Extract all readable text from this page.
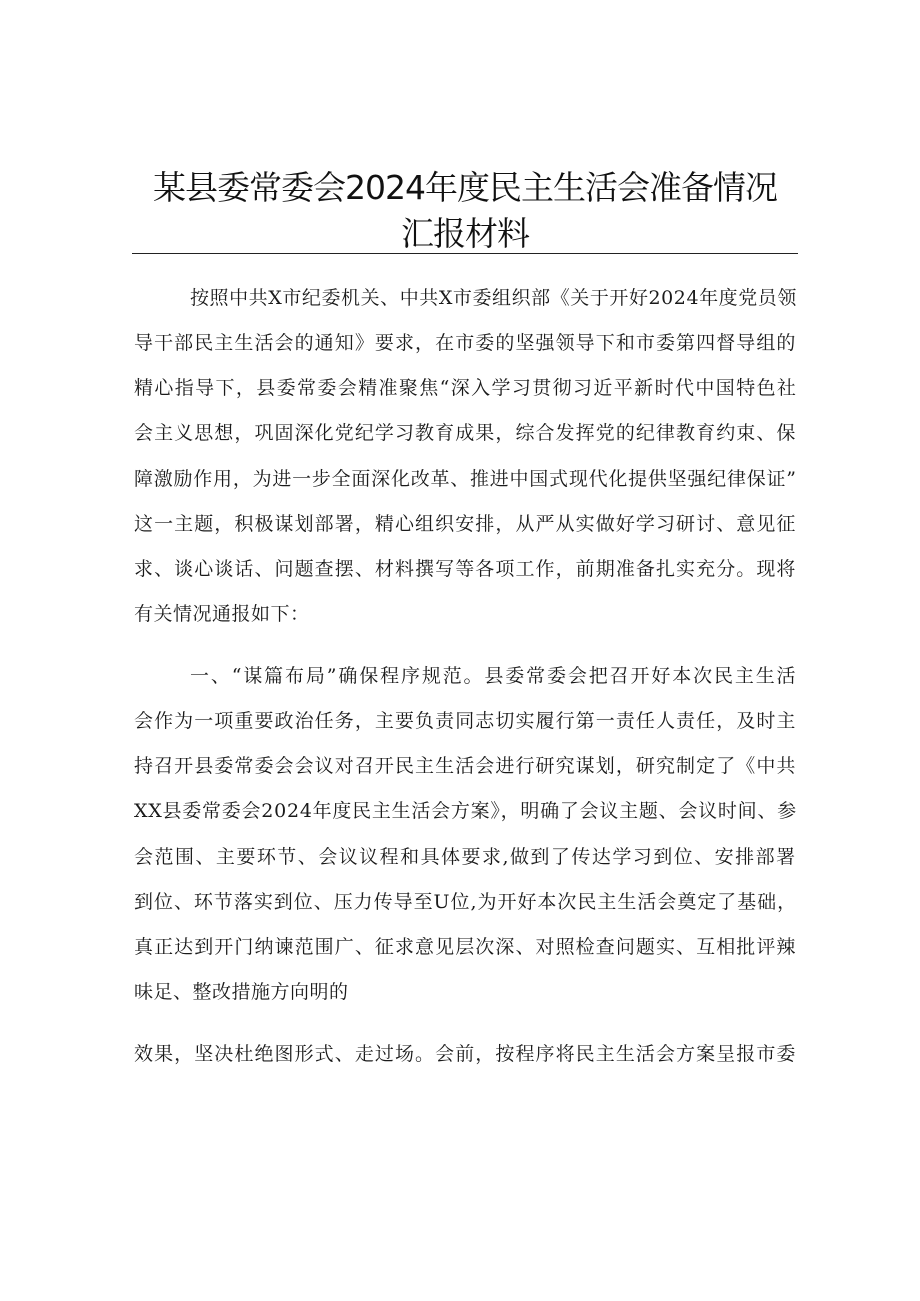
某县委常委会2024年度民主生活会准备情况
汇报材料
按照中共X市纪委机关、中共X市委组织部《关于开好2024年度党员领
导干部民主生活会的通知》要求，在市委的坚强领导下和市委第四督导组的
精心指导下，县委常委会精准聚焦“深入学习贯彻习近平新时代中国特色社
会主义思想，巩固深化党纪学习教育成果，综合发挥党的纪律教育约束、保
障激励作用，为进一步全面深化改革、推进中国式现代化提供坚强纪律保证”
这一主题，积极谋划部署，精心组织安排，从严从实做好学习研讨、意见征
求、谈心谈话、问题查摆、材料撰写等各项工作，前期准备扎实充分。现将
有关情况通报如下：
一、“谋篇布局”确保程序规范。县委常委会把召开好本次民主生活
会作为一项重要政治任务，主要负责同志切实履行第一责任人责任，及时主
持召开县委常委会会议对召开民主生活会进行研究谋划，研究制定了《中共
XX县委常委会2024年度民主生活会方案》，明确了会议主题、会议时间、参
会范围、主要环节、会议议程和具体要求,做到了传达学习到位、安排部署
到位、环节落实到位、压力传导至U位,为开好本次民主生活会奠定了基础，
真正达到开门纳谏范围广、征求意见层次深、对照检查问题实、互相批评辣
味足、整改措施方向明的
效果，坚决杜绝图形式、走过场。会前，按程序将民主生活会方案呈报市委
